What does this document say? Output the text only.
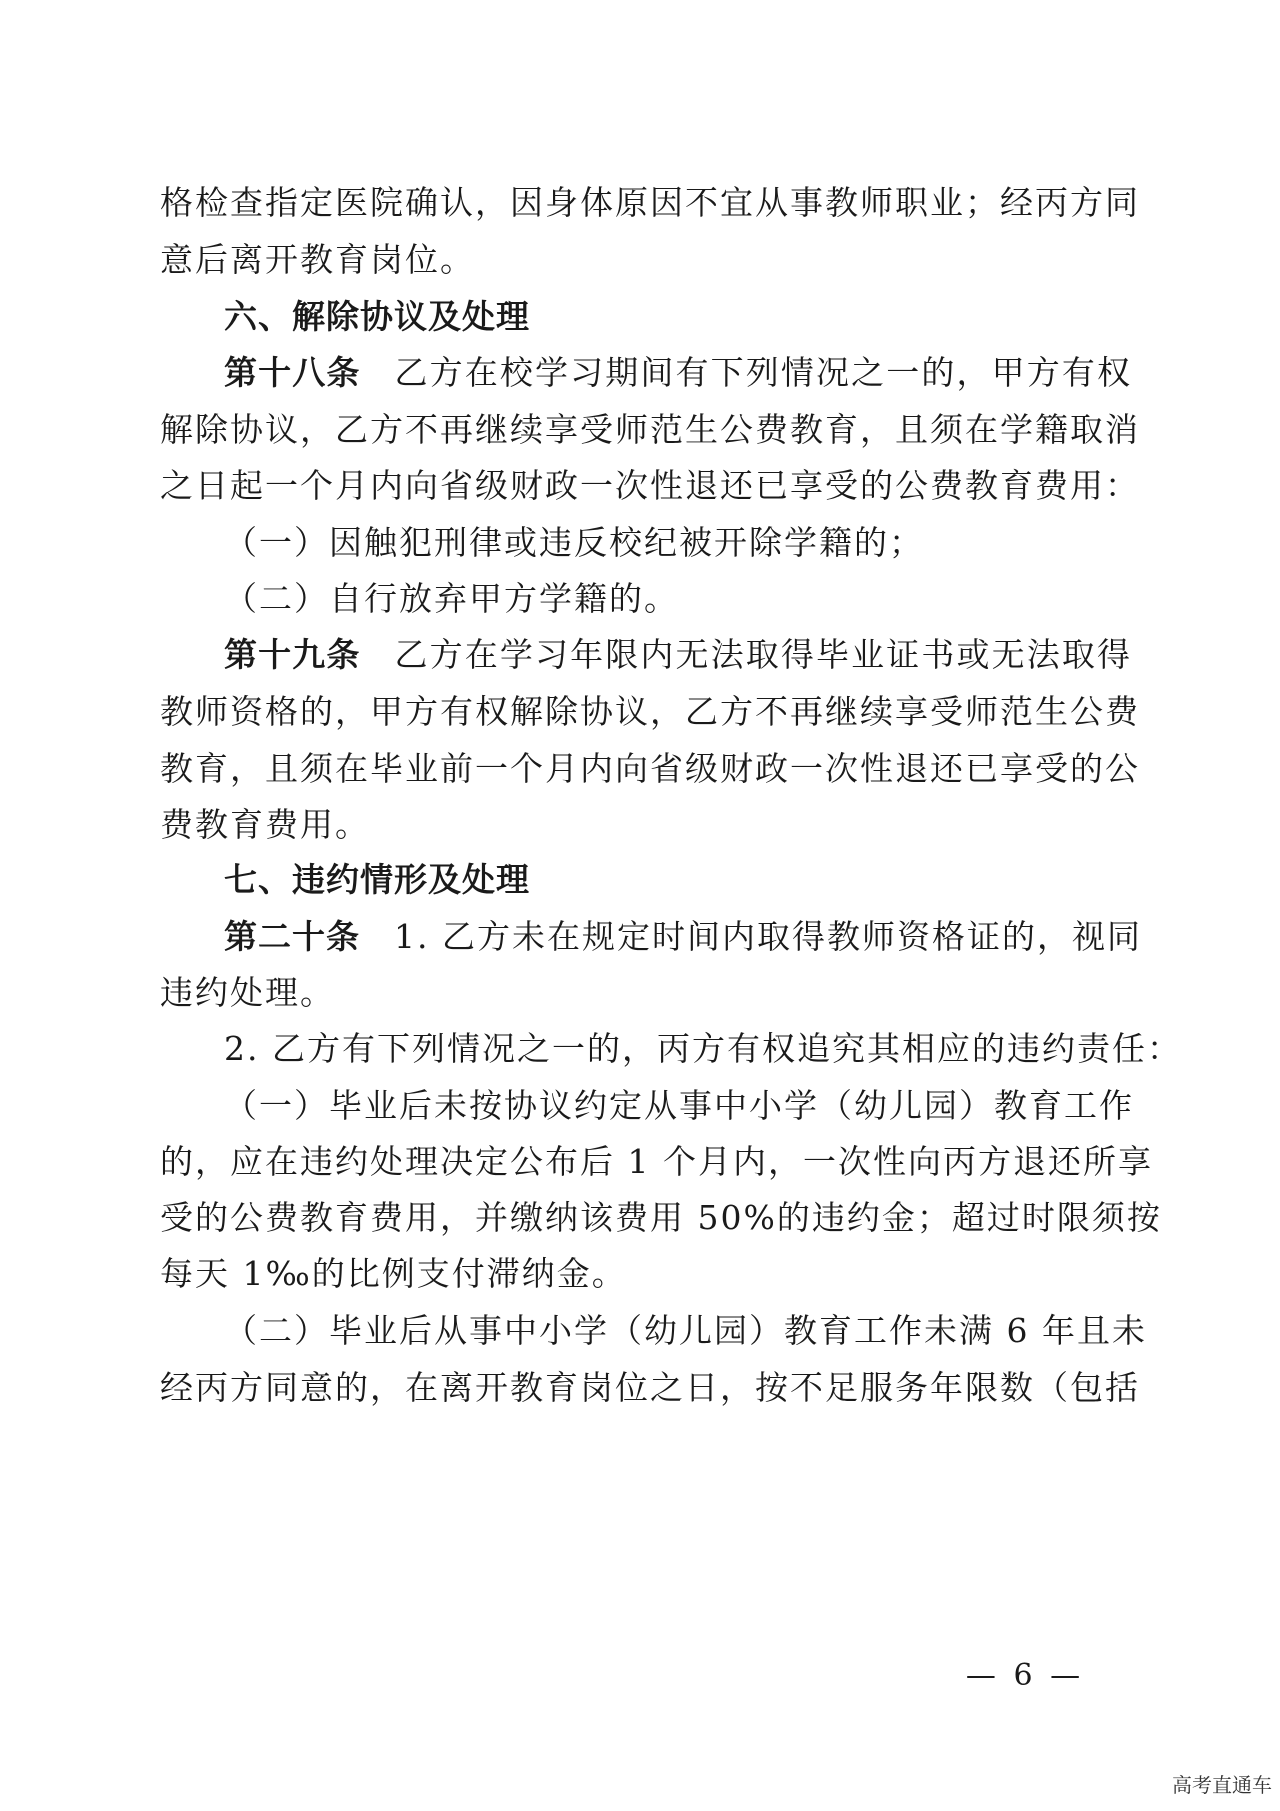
格检查指定医院确认，因身体原因不宜从事教师职业；经丙方同
意后离开教育岗位。
六、解除协议及处理
第十八条 乙方在校学习期间有下列情况之一的，甲方有权
解除协议，乙方不再继续享受师范生公费教育，且须在学籍取消
之日起一个月内向省级财政一次性退还已享受的公费教育费用：
（一）因触犯刑律或违反校纪被开除学籍的；
（二）自行放弃甲方学籍的。
第十九条 乙方在学习年限内无法取得毕业证书或无法取得
教师资格的，甲方有权解除协议，乙方不再继续享受师范生公费
教育，且须在毕业前一个月内向省级财政一次性退还已享受的公
费教育费用。
七、违约情形及处理
第二十条 1. 乙方未在规定时间内取得教师资格证的，视同
违约处理。
2. 乙方有下列情况之一的，丙方有权追究其相应的违约责任：
（一）毕业后未按协议约定从事中小学（幼儿园）教育工作
的，应在违约处理决定公布后 1 个月内，一次性向丙方退还所享
受的公费教育费用，并缴纳该费用 50%的违约金；超过时限须按
每天 1‰的比例支付滞纳金。
（二）毕业后从事中小学（幼儿园）教育工作未满 6 年且未
经丙方同意的，在离开教育岗位之日，按不足服务年限数（包括
— 6 —
高考直通车
